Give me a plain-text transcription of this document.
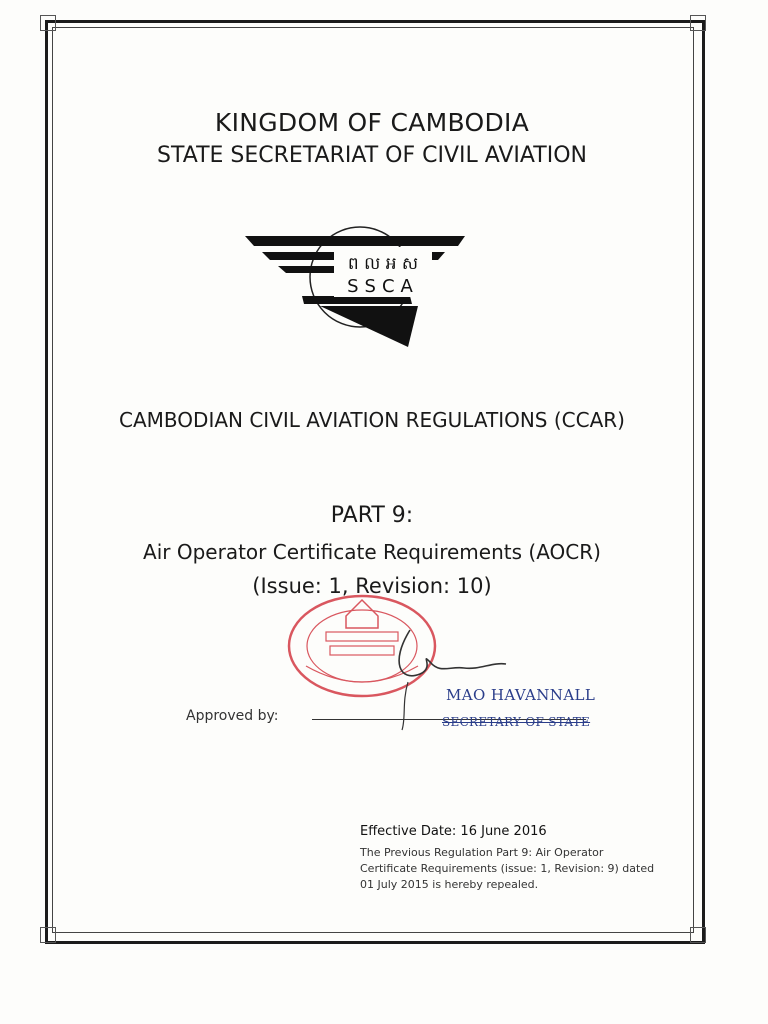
KINGDOM OF CAMBODIA
STATE SECRETARIAT OF CIVIL AVIATION
ព ល អ ស
SSCA
CAMBODIAN CIVIL AVIATION REGULATIONS (CCAR)
PART 9:
Air Operator Certificate Requirements (AOCR)
(Issue: 1, Revision: 10)
Approved by:
MAO HAVANNALL
SECRETARY OF STATE
Effective Date: 16 June 2016
The Previous Regulation Part 9: Air Operator Certificate Requirements (issue: 1, Revision: 9) dated 01 July 2015 is hereby repealed.
